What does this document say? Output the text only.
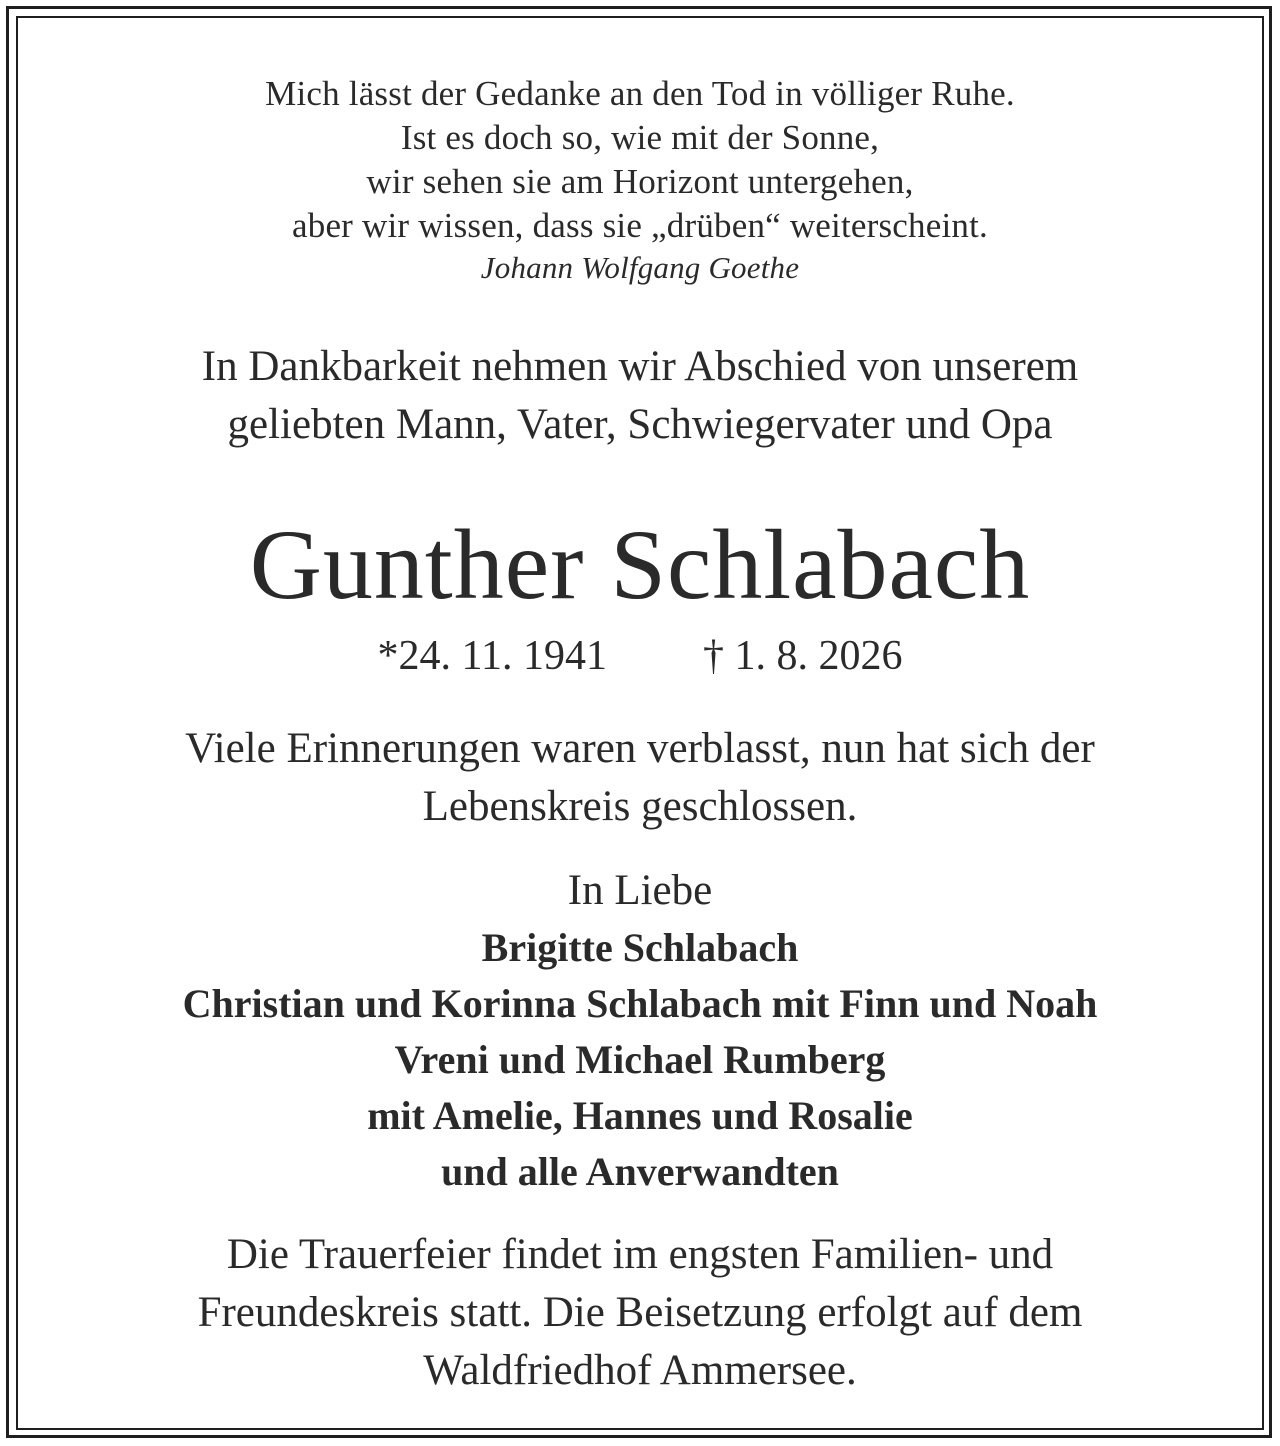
Mich lässt der Gedanke an den Tod in völliger Ruhe.
Ist es doch so, wie mit der Sonne,
wir sehen sie am Horizont untergehen,
aber wir wissen, dass sie „drüben“ weiterscheint.
Johann Wolfgang Goethe
In Dankbarkeit nehmen wir Abschied von unserem
geliebten Mann, Vater, Schwiegervater und Opa
Gunther Schlabach
*24. 11. 1941 † 1. 8. 2026
Viele Erinnerungen waren verblasst, nun hat sich der
Lebenskreis geschlossen.
In Liebe
Brigitte Schlabach
Christian und Korinna Schlabach mit Finn und Noah
Vreni und Michael Rumberg
mit Amelie, Hannes und Rosalie
und alle Anverwandten
Die Trauerfeier findet im engsten Familien- und
Freundeskreis statt. Die Beisetzung erfolgt auf dem
Waldfriedhof Ammersee.
